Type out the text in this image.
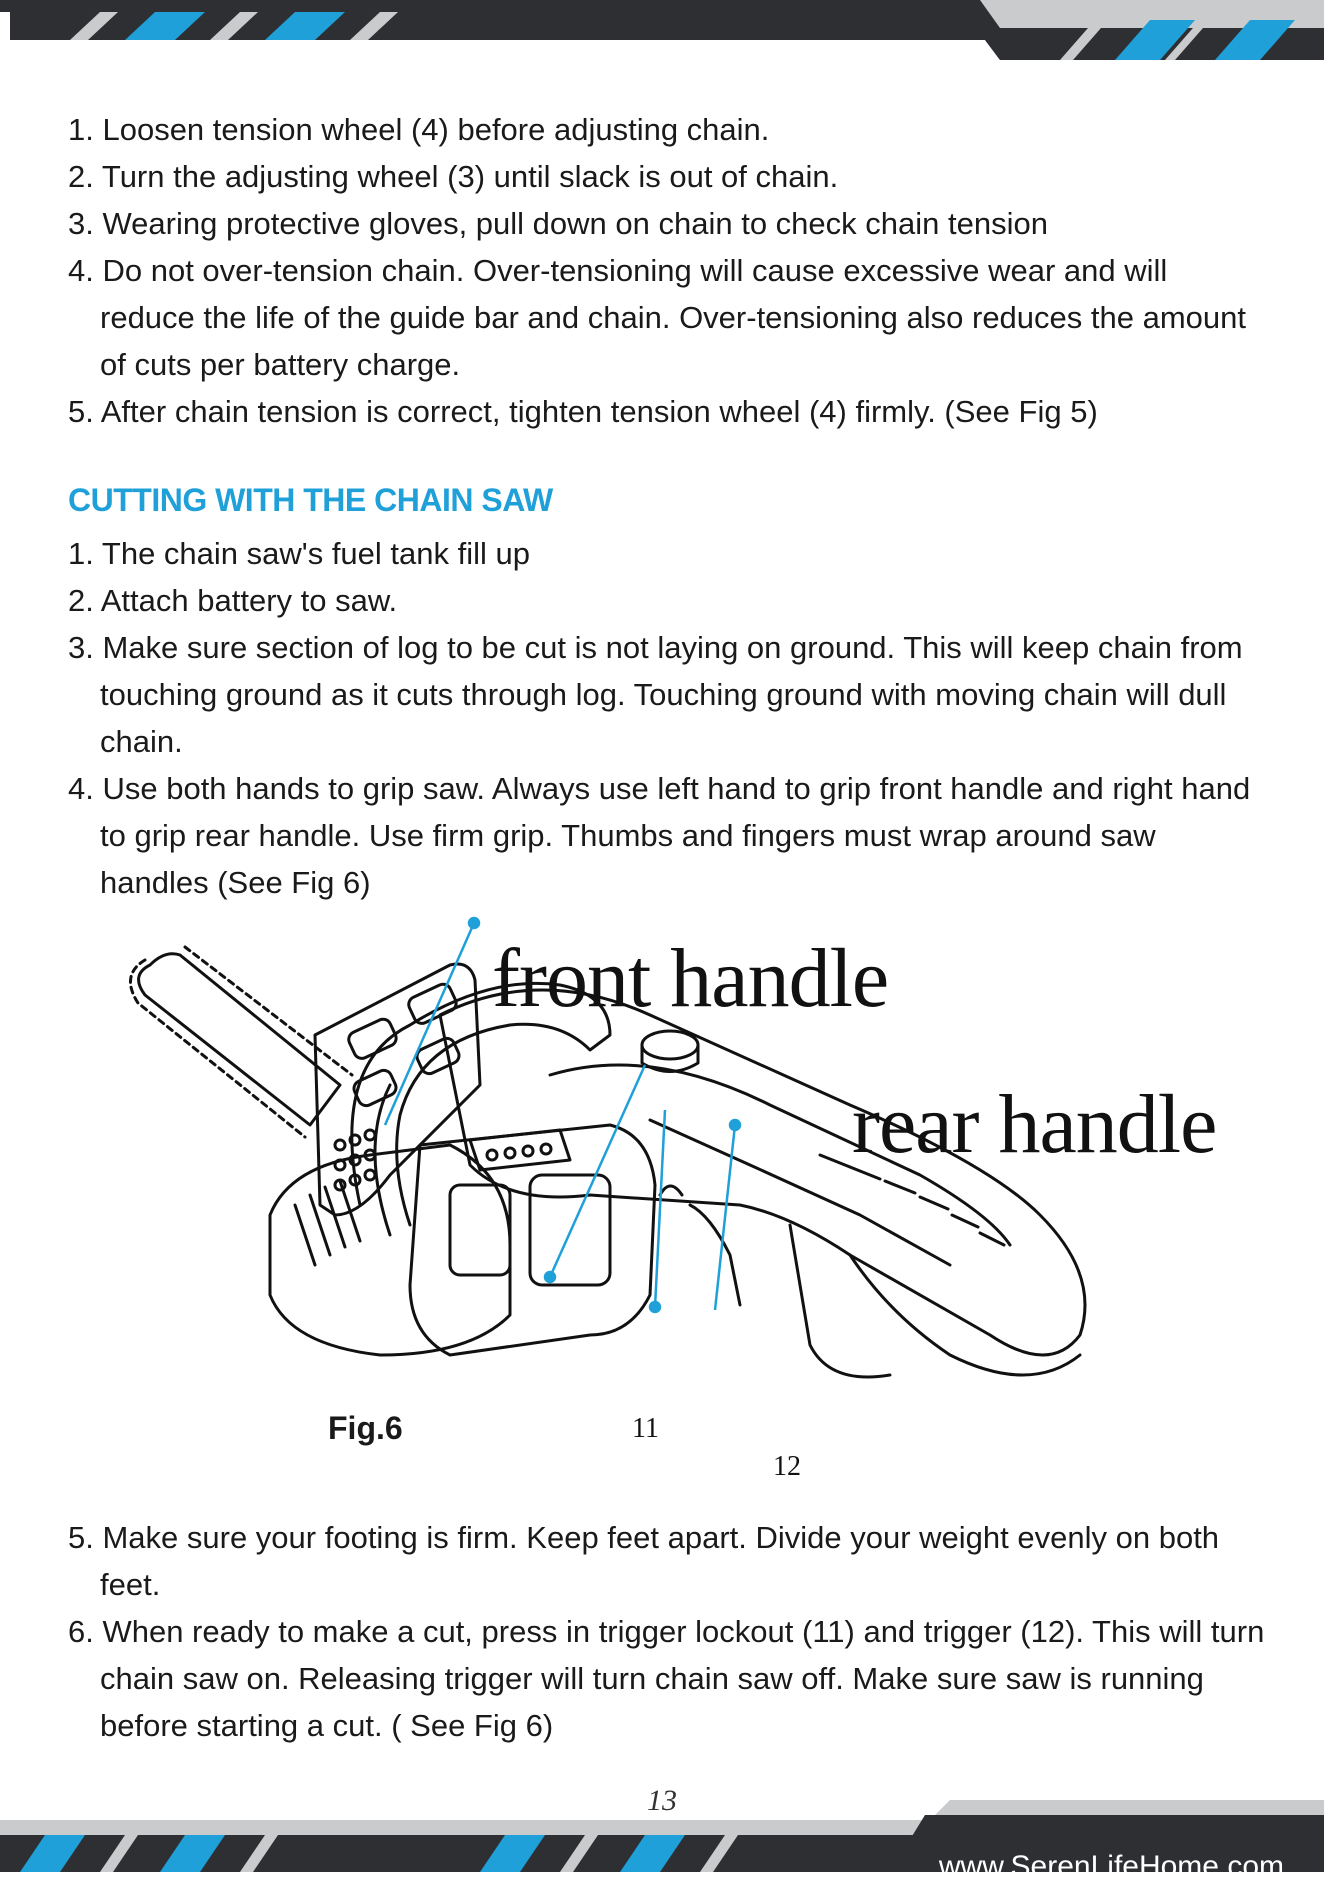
1. Loosen tension wheel (4) before adjusting chain.
2. Turn the adjusting wheel (3) until slack is out of chain.
3. Wearing protective gloves, pull down on chain to check chain tension
4. Do not over-tension chain. Over-tensioning will cause excessive wear and will reduce the life of the guide bar and chain. Over-tensioning also reduces the amount of cuts per battery charge.
5. After chain tension is correct, tighten tension wheel (4) firmly. (See Fig 5)
CUTTING WITH THE CHAIN SAW
1. The chain saw's fuel tank fill up
2. Attach battery to saw.
3. Make sure section of log to be cut is not laying on ground. This will keep chain from touching ground as it cuts through log. Touching ground with moving chain will dull chain.
4. Use both hands to grip saw. Always use left hand to grip front handle and right hand to grip rear handle. Use firm grip. Thumbs and fingers must wrap around saw handles (See Fig 6)
front handle
rear handle
11
12
Fig.6
5. Make sure your footing is firm. Keep feet apart. Divide your weight evenly on both feet.
6. When ready to make a cut, press in trigger lockout (11) and trigger (12). This will turn chain saw on. Releasing trigger will turn chain saw off. Make sure saw is running before starting a cut. ( See Fig 6)
13
www.SerenLifeHome.com
